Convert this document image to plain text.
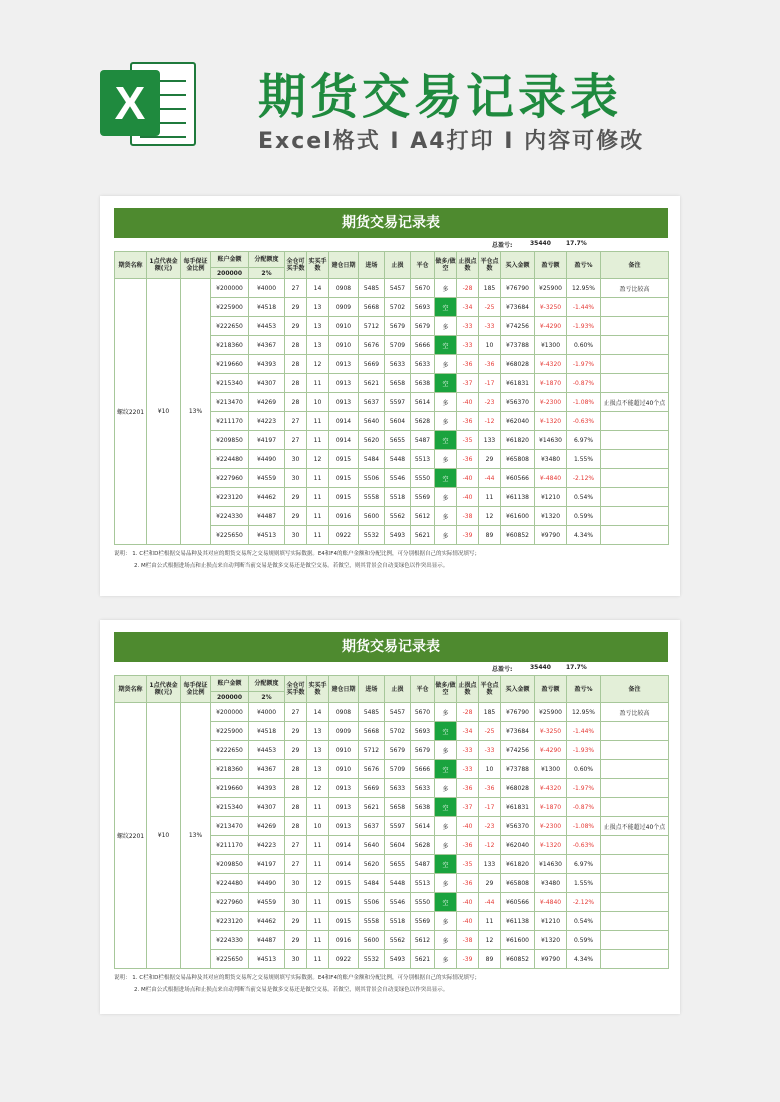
X	期货交易记录表
Excel格式 I A4打印 I 内容可修改
期货交易记录表
总盈亏:	35440	17.7%
期货名称	1点代表金额(元)	每手保证金比例	账户金额	分配额度	全仓可买手数	实买手数	建仓日期	进场	止损	平仓	做多/做空	止损点数	平仓点数	买入金额	盈亏额	盈亏%	备注
			200000	2%													
螺纹2201	¥10	13%	¥200000	¥4000	27	14	0908	5485	5457	5670	多	-28	185	¥76790	¥25900	12.95%	盈亏比较高
			¥225900	¥4518	29	13	0909	5668	5702	5693	空	-34	-25	¥73684	¥-3250	-1.44%	
			¥222650	¥4453	29	13	0910	5712	5679	5679	多	-33	-33	¥74256	¥-4290	-1.93%	
			¥218360	¥4367	28	13	0910	5676	5709	5666	空	-33	10	¥73788	¥1300	0.60%	
			¥219660	¥4393	28	12	0913	5669	5633	5633	多	-36	-36	¥68028	¥-4320	-1.97%	
			¥215340	¥4307	28	11	0913	5621	5658	5638	空	-37	-17	¥61831	¥-1870	-0.87%	
			¥213470	¥4269	28	10	0913	5637	5597	5614	多	-40	-23	¥56370	¥-2300	-1.08%	止损点不能超过40个点
			¥211170	¥4223	27	11	0914	5640	5604	5628	多	-36	-12	¥62040	¥-1320	-0.63%	
			¥209850	¥4197	27	11	0914	5620	5655	5487	空	-35	133	¥61820	¥14630	6.97%	
			¥224480	¥4490	30	12	0915	5484	5448	5513	多	-36	29	¥65808	¥3480	1.55%	
			¥227960	¥4559	30	11	0915	5506	5546	5550	空	-40	-44	¥60566	¥-4840	-2.12%	
			¥223120	¥4462	29	11	0915	5558	5518	5569	多	-40	11	¥61138	¥1210	0.54%	
			¥224330	¥4487	29	11	0916	5600	5562	5612	多	-38	12	¥61600	¥1320	0.59%	
			¥225650	¥4513	30	11	0922	5532	5493	5621	多	-39	89	¥60852	¥9790	4.34%	
说明： 1. C栏和D栏根据交易品种及其对应的期货交易所之交易规则填写实际数据。E4和F4的账户金额和分配比例，可分别根据自己的实际情况填写；
2. M栏由公式根据进场点和止损点来自动判断当前交易是做多交易还是做空交易。若做空，则其背景会自动变绿色以作突出显示。
期货交易记录表
总盈亏:	35440	17.7%
期货名称	1点代表金额(元)	每手保证金比例	账户金额	分配额度	全仓可买手数	实买手数	建仓日期	进场	止损	平仓	做多/做空	止损点数	平仓点数	买入金额	盈亏额	盈亏%	备注
			200000	2%													
螺纹2201	¥10	13%	¥200000	¥4000	27	14	0908	5485	5457	5670	多	-28	185	¥76790	¥25900	12.95%	盈亏比较高
			¥225900	¥4518	29	13	0909	5668	5702	5693	空	-34	-25	¥73684	¥-3250	-1.44%	
			¥222650	¥4453	29	13	0910	5712	5679	5679	多	-33	-33	¥74256	¥-4290	-1.93%	
			¥218360	¥4367	28	13	0910	5676	5709	5666	空	-33	10	¥73788	¥1300	0.60%	
			¥219660	¥4393	28	12	0913	5669	5633	5633	多	-36	-36	¥68028	¥-4320	-1.97%	
			¥215340	¥4307	28	11	0913	5621	5658	5638	空	-37	-17	¥61831	¥-1870	-0.87%	
			¥213470	¥4269	28	10	0913	5637	5597	5614	多	-40	-23	¥56370	¥-2300	-1.08%	止损点不能超过40个点
			¥211170	¥4223	27	11	0914	5640	5604	5628	多	-36	-12	¥62040	¥-1320	-0.63%	
			¥209850	¥4197	27	11	0914	5620	5655	5487	空	-35	133	¥61820	¥14630	6.97%	
			¥224480	¥4490	30	12	0915	5484	5448	5513	多	-36	29	¥65808	¥3480	1.55%	
			¥227960	¥4559	30	11	0915	5506	5546	5550	空	-40	-44	¥60566	¥-4840	-2.12%	
			¥223120	¥4462	29	11	0915	5558	5518	5569	多	-40	11	¥61138	¥1210	0.54%	
			¥224330	¥4487	29	11	0916	5600	5562	5612	多	-38	12	¥61600	¥1320	0.59%	
			¥225650	¥4513	30	11	0922	5532	5493	5621	多	-39	89	¥60852	¥9790	4.34%	
说明： 1. C栏和D栏根据交易品种及其对应的期货交易所之交易规则填写实际数据。E4和F4的账户金额和分配比例，可分别根据自己的实际情况填写；
2. M栏由公式根据进场点和止损点来自动判断当前交易是做多交易还是做空交易。若做空，则其背景会自动变绿色以作突出显示。
